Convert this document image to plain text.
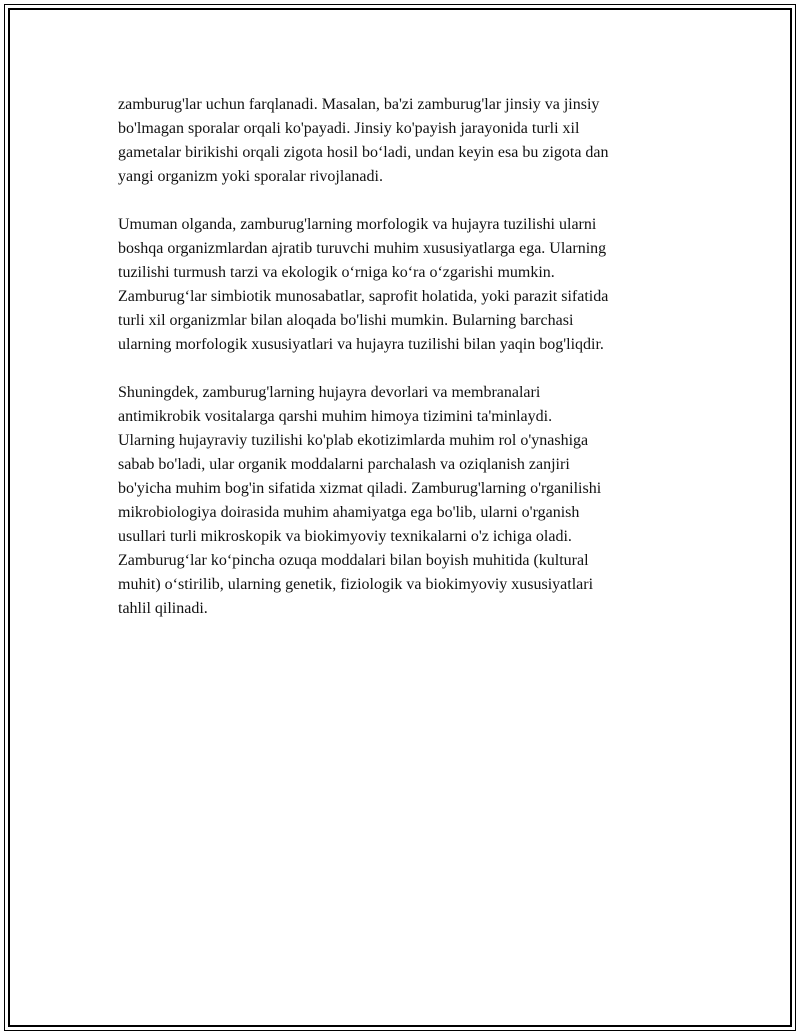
zamburug'lar uchun farqlanadi. Masalan, ba'zi zamburug'lar jinsiy va jinsiy
bo'lmagan sporalar orqali ko'payadi. Jinsiy ko'payish jarayonida turli xil
gametalar birikishi orqali zigota hosil bo‘ladi, undan keyin esa bu zigota dan
yangi organizm yoki sporalar rivojlanadi.

Umuman olganda, zamburug'larning morfologik va hujayra tuzilishi ularni
boshqa organizmlardan ajratib turuvchi muhim xususiyatlarga ega. Ularning
tuzilishi turmush tarzi va ekologik o‘rniga ko‘ra o‘zgarishi mumkin.
Zamburug‘lar simbiotik munosabatlar, saprofit holatida, yoki parazit sifatida
turli xil organizmlar bilan aloqada bo'lishi mumkin. Bularning barchasi
ularning morfologik xususiyatlari va hujayra tuzilishi bilan yaqin bog'liqdir.

Shuningdek, zamburug'larning hujayra devorlari va membranalari
antimikrobik vositalarga qarshi muhim himoya tizimini ta'minlaydi.
Ularning hujayraviy tuzilishi ko'plab ekotizimlarda muhim rol o'ynashiga
sabab bo'ladi, ular organik moddalarni parchalash va oziqlanish zanjiri
bo'yicha muhim bog'in sifatida xizmat qiladi. Zamburug'larning o'rganilishi
mikrobiologiya doirasida muhim ahamiyatga ega bo'lib, ularni o'rganish
usullari turli mikroskopik va biokimyoviy texnikalarni o'z ichiga oladi.
Zamburug‘lar ko‘pincha ozuqa moddalari bilan boyish muhitida (kultural
muhit) o‘stirilib, ularning genetik, fiziologik va biokimyoviy xususiyatlari
tahlil qilinadi.
